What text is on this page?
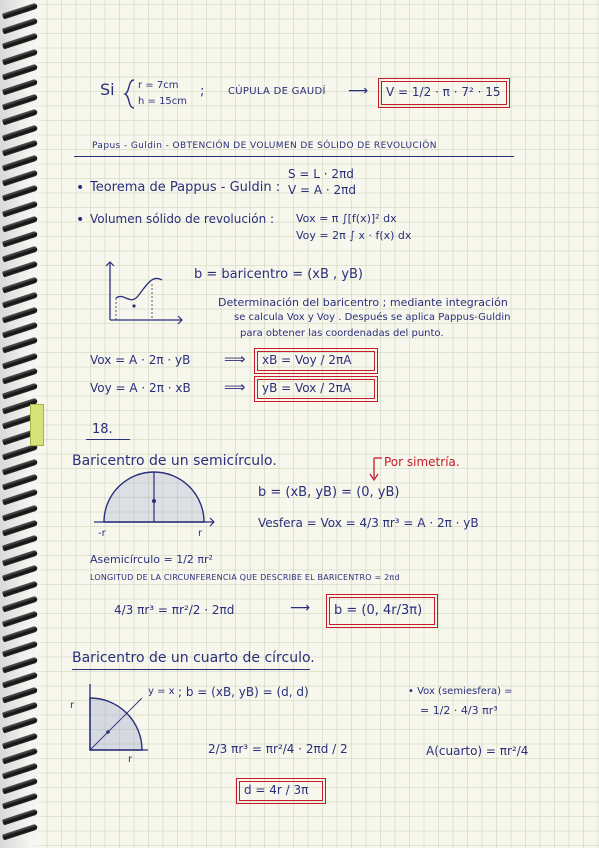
Si r = 7cm
h = 15cm
; CÚPULA DE GAUDÍ ⟶ V = 1/2 · π · 7² · 15
Papus - Guldin - OBTENCIÓN DE VOLUMEN DE SÓLIDO DE REVOLUCIÓN
• Teorema de Pappus - Guldin :
S = L · 2πd
V = A · 2πd
• Volumen sólido de revolución : Vox = π ∫[f(x)]² dx
Voy = 2π ∫ x · f(x) dx
b = baricentro = (xB , yB)
Determinación del baricentro ; mediante integración
se calcula Vox y Voy . Después se aplica Pappus-Guldin
para obtener las coordenadas del punto.
Vox = A · 2π · yB ⟹ xB = Voy / 2πA
Voy = A · 2π · xB ⟹ yB = Vox / 2πA
18.
Baricentro de un semicírculo.	Por simetría.
b = (xB, yB) = (0, yB)
-r	r
Vesfera = Vox = 4/3 πr³ = A · 2π · yB
Asemicírculo = 1/2 πr²
LONGITUD DE LA CIRCUNFERENCIA QUE DESCRIBE EL BARICENTRO = 2πd
4/3 πr³ = πr²/2 · 2πd	⟶ b = (0, 4r/3π)
Baricentro de un cuarto de círculo.
r
r
y = x ; b = (xB, yB) = (d, d)	• Vox (semiesfera) =
= 1/2 · 4/3 πr³
2/3 πr³ = πr²/4 · 2πd / 2	A(cuarto) = πr²/4
d = 4r / 3π
